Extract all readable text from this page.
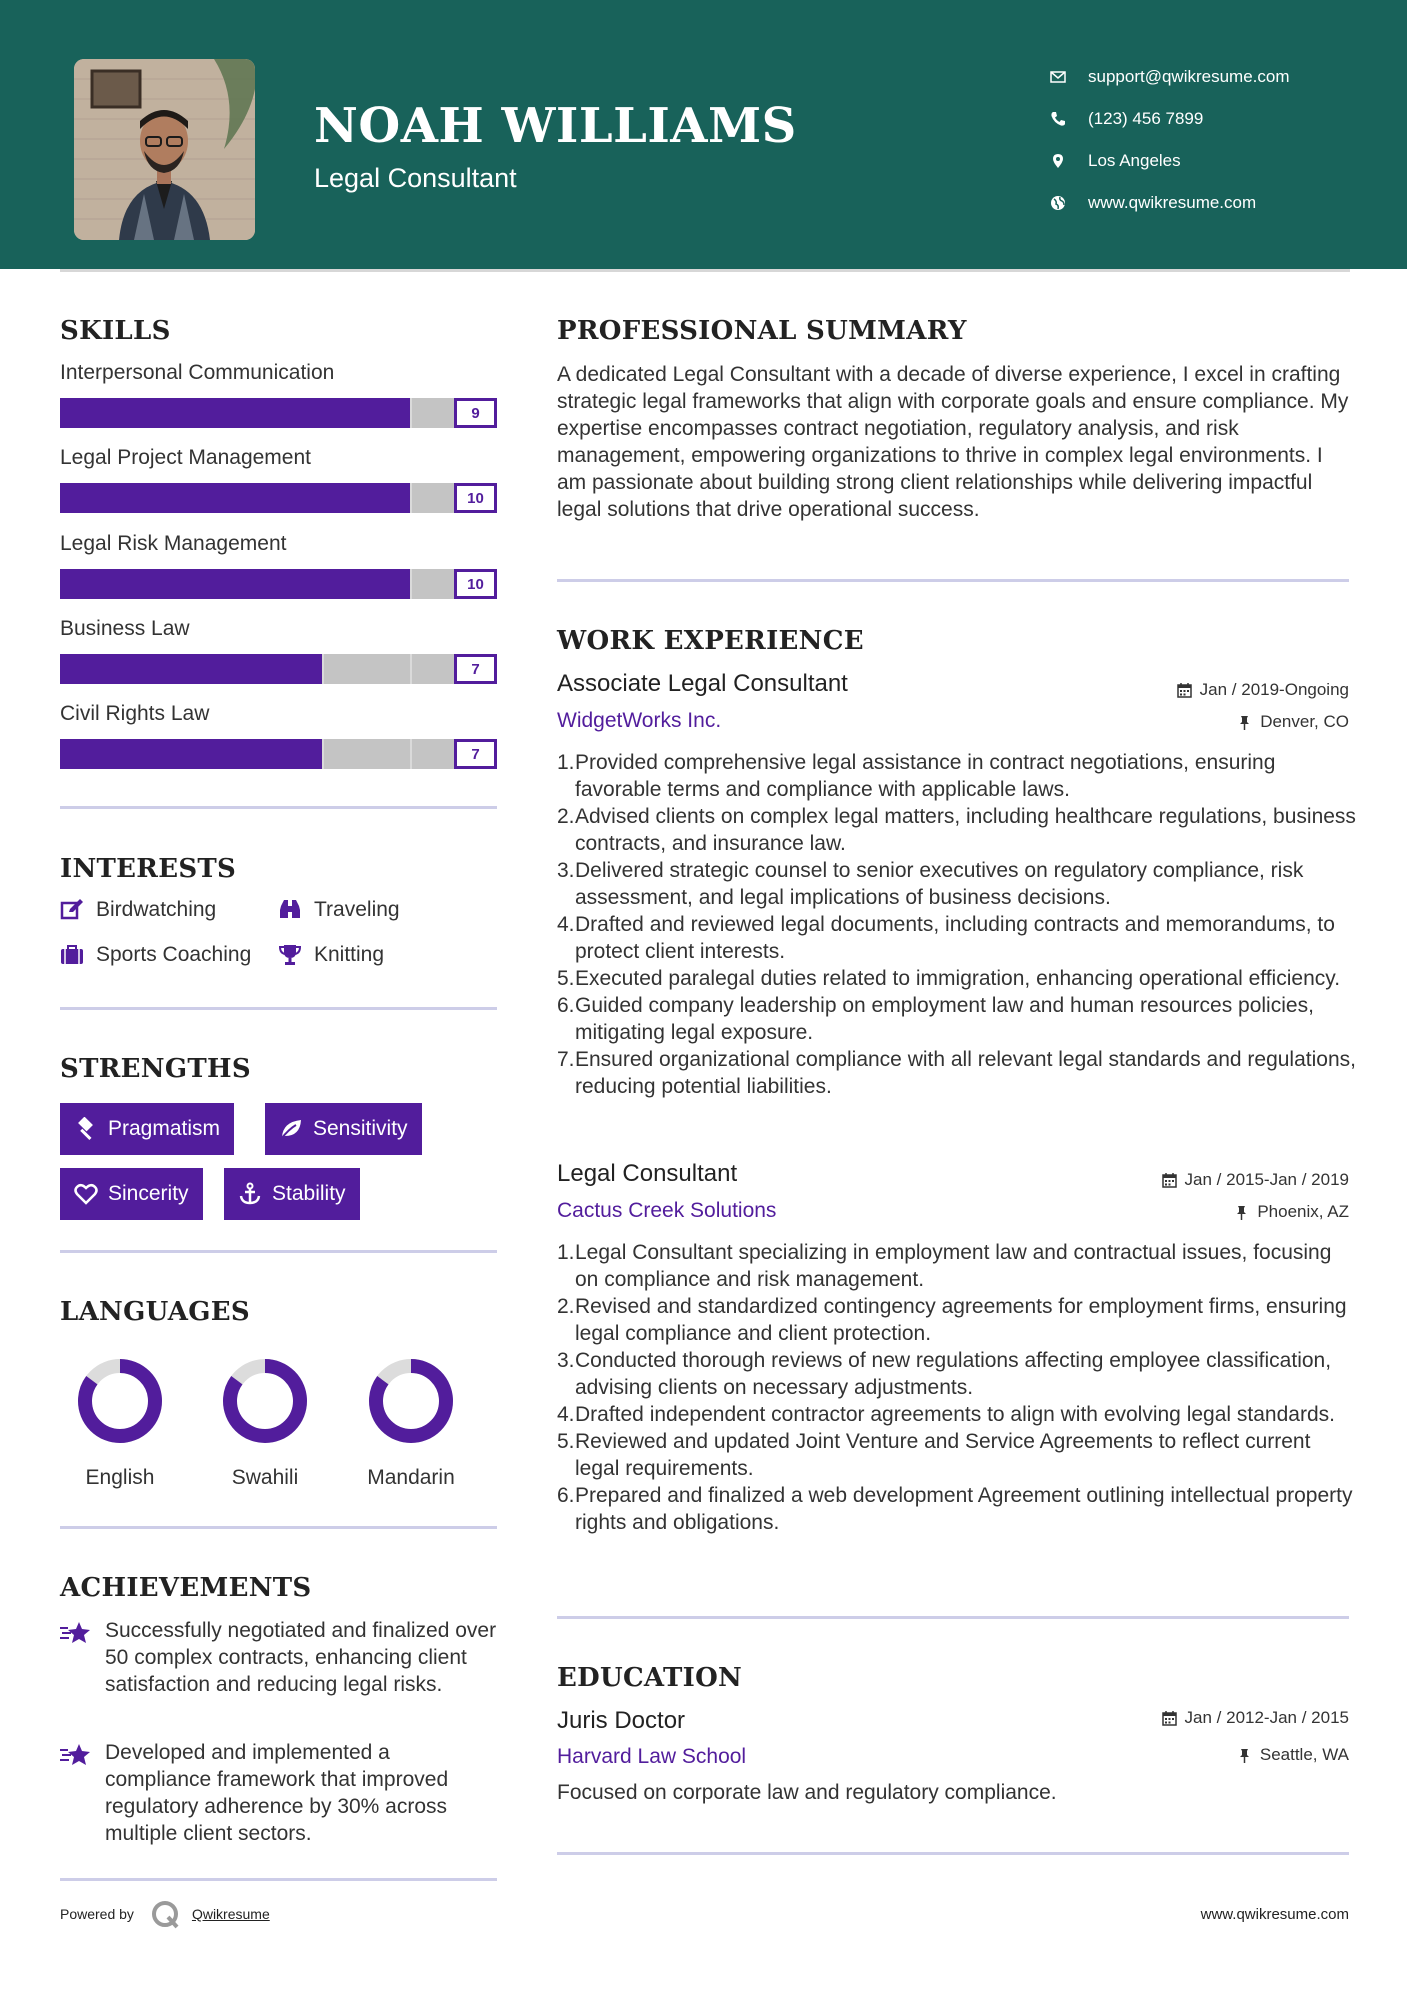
NOAH WILLIAMS
Legal Consultant
support@qwikresume.com
(123) 456 7899
Los Angeles
www.qwikresume.com
SKILLS
Interpersonal Communication
9
Legal Project Management
10
Legal Risk Management
10
Business Law
7
Civil Rights Law
7
INTERESTS
Birdwatching	Traveling
Sports Coaching	Knitting
STRENGTHS
Pragmatism	Sensitivity
Sincerity	Stability
LANGUAGES
English	Swahili	Mandarin
ACHIEVEMENTS
Successfully negotiated and finalized over 50 complex contracts, enhancing client satisfaction and reducing legal risks.
Developed and implemented a compliance framework that improved regulatory adherence by 30% across multiple client sectors.
PROFESSIONAL SUMMARY
A dedicated Legal Consultant with a decade of diverse experience, I excel in crafting strategic legal frameworks that align with corporate goals and ensure compliance. My expertise encompasses contract negotiation, regulatory analysis, and risk management, empowering organizations to thrive in complex legal environments. I am passionate about building strong client relationships while delivering impactful legal solutions that drive operational success.
WORK EXPERIENCE
Associate Legal Consultant	Jan / 2019-Ongoing
WidgetWorks Inc.	Denver, CO
1. Provided comprehensive legal assistance in contract negotiations, ensuring favorable terms and compliance with applicable laws.
2. Advised clients on complex legal matters, including healthcare regulations, business contracts, and insurance law.
3. Delivered strategic counsel to senior executives on regulatory compliance, risk assessment, and legal implications of business decisions.
4. Drafted and reviewed legal documents, including contracts and memorandums, to protect client interests.
5. Executed paralegal duties related to immigration, enhancing operational efficiency.
6. Guided company leadership on employment law and human resources policies, mitigating legal exposure.
7. Ensured organizational compliance with all relevant legal standards and regulations, reducing potential liabilities.
Legal Consultant	Jan / 2015-Jan / 2019
Cactus Creek Solutions	Phoenix, AZ
1. Legal Consultant specializing in employment law and contractual issues, focusing on compliance and risk management.
2. Revised and standardized contingency agreements for employment firms, ensuring legal compliance and client protection.
3. Conducted thorough reviews of new regulations affecting employee classification, advising clients on necessary adjustments.
4. Drafted independent contractor agreements to align with evolving legal standards.
5. Reviewed and updated Joint Venture and Service Agreements to reflect current legal requirements.
6. Prepared and finalized a web development Agreement outlining intellectual property rights and obligations.
EDUCATION
Juris Doctor	Jan / 2012-Jan / 2015
Harvard Law School	Seattle, WA
Focused on corporate law and regulatory compliance.
Powered by	Qwikresume	www.qwikresume.com
